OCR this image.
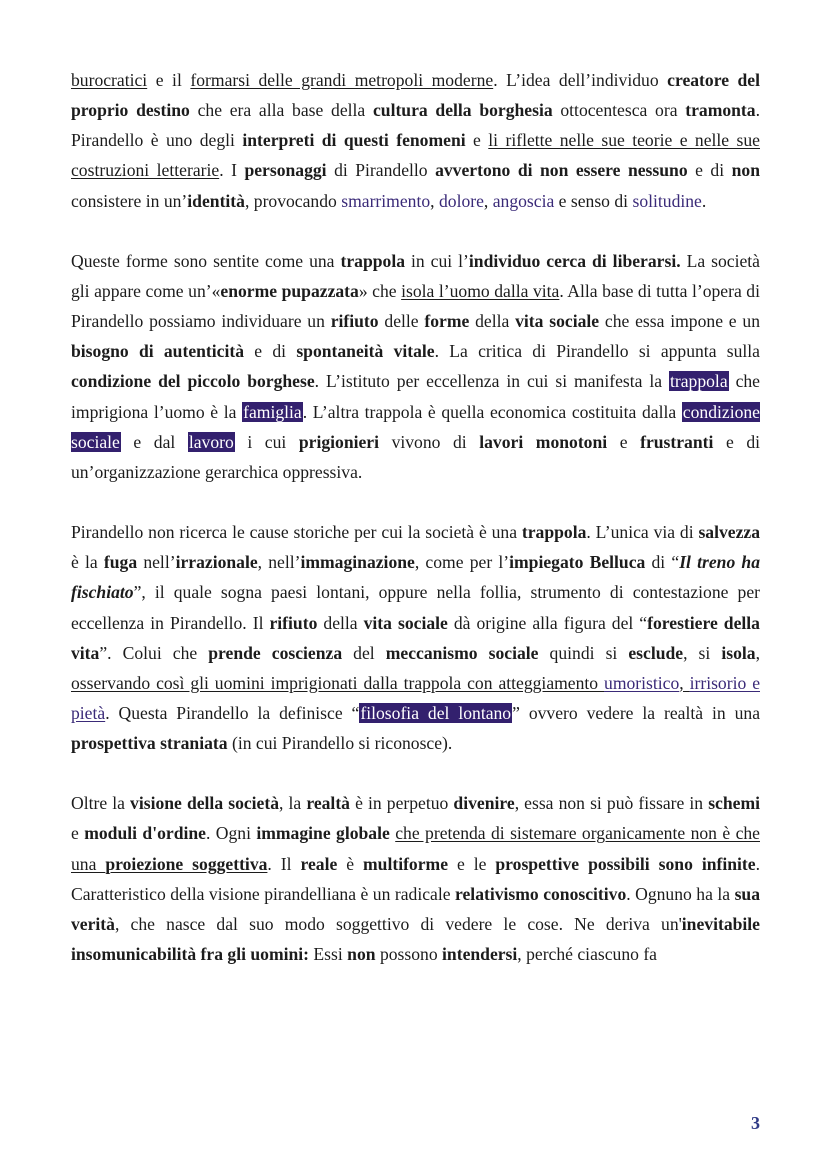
burocratici e il formarsi delle grandi metropoli moderne. L’idea dell’individuo creatore del proprio destino che era alla base della cultura della borghesia ottocentesca ora tramonta. Pirandello è uno degli interpreti di questi fenomeni e li riflette nelle sue teorie e nelle sue costruzioni letterarie. I personaggi di Pirandello avvertono di non essere nessuno e di non consistere in un’identità, provocando smarrimento, dolore, angoscia e senso di solitudine.

Queste forme sono sentite come una trappola in cui l’individuo cerca di liberarsi. La società gli appare come un’«enorme pupazzata» che isola l’uomo dalla vita. Alla base di tutta l’opera di Pirandello possiamo individuare un rifiuto delle forme della vita sociale che essa impone e un bisogno di autenticità e di spontaneità vitale. La critica di Pirandello si appunta sulla condizione del piccolo borghese. L’istituto per eccellenza in cui si manifesta la trappola che imprigiona l’uomo è la famiglia. L’altra trappola è quella economica costituita dalla condizione sociale e dal lavoro i cui prigionieri vivono di lavori monotoni e frustranti e di un’organizzazione gerarchica oppressiva.

Pirandello non ricerca le cause storiche per cui la società è una trappola. L’unica via di salvezza è la fuga nell’irrazionale, nell’immaginazione, come per l’impiegato Belluca di “Il treno ha fischiato”, il quale sogna paesi lontani, oppure nella follia, strumento di contestazione per eccellenza in Pirandello. Il rifiuto della vita sociale dà origine alla figura del “forestiere della vita”. Colui che prende coscienza del meccanismo sociale quindi si esclude, si isola, osservando così gli uomini imprigionati dalla trappola con atteggiamento umoristico, irrisorio e pietà. Questa Pirandello la definisce “filosofia del lontano” ovvero vedere la realtà in una prospettiva straniata (in cui Pirandello si riconosce).

Oltre la visione della società, la realtà è in perpetuo divenire, essa non si può fissare in schemi e moduli d'ordine. Ogni immagine globale che pretenda di sistemare organicamente non è che una proiezione soggettiva. Il reale è multiforme e le prospettive possibili sono infinite. Caratteristico della visione pirandelliana è un radicale relativismo conoscitivo. Ognuno ha la sua verità, che nasce dal suo modo soggettivo di vedere le cose. Ne deriva un'inevitabile insomunicabilità fra gli uomini: Essi non possono intendersi, perché ciascuno fa

3
